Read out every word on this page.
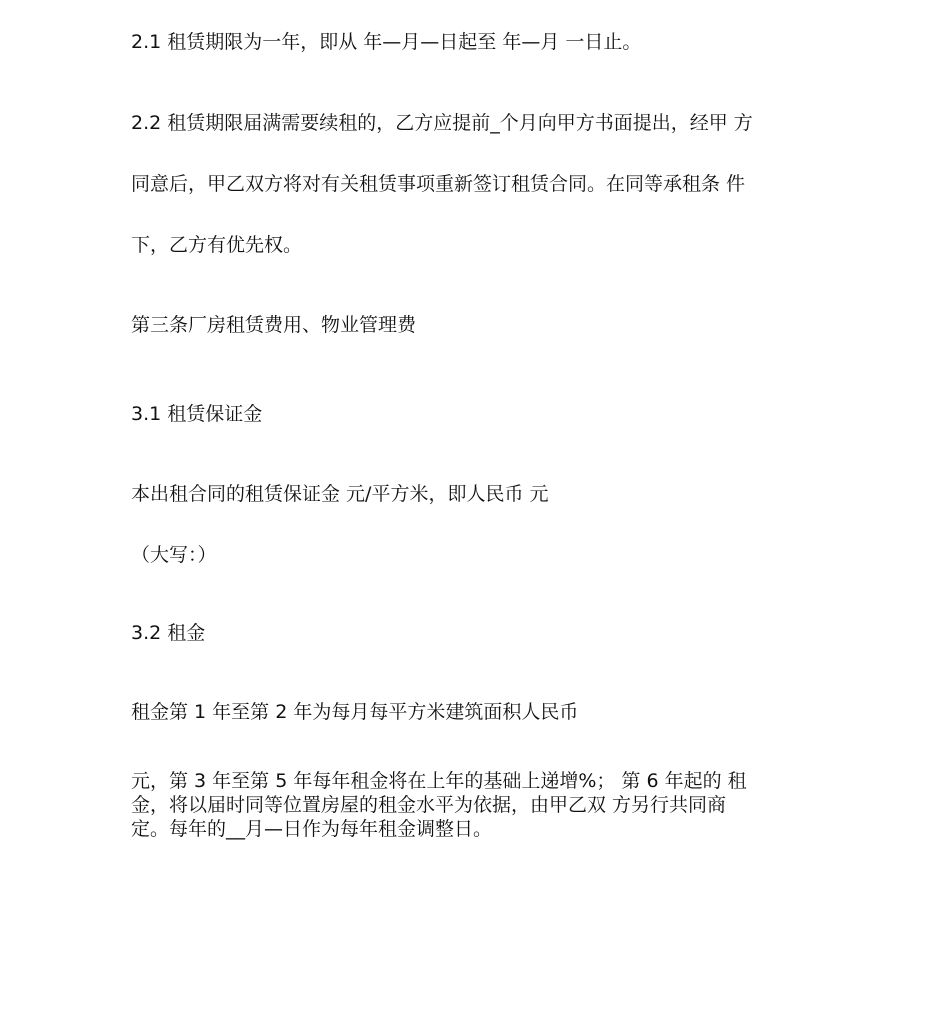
2.1 租赁期限为一年，即从 年—月—日起至 年—月 一日止。

2.2 租赁期限届满需要续租的，乙方应提前_个月向甲方书面提出，经甲 方

同意后，甲乙双方将对有关租赁事项重新签订租赁合同。在同等承租条 件

下，乙方有优先权。

第三条厂房租赁费用、物业管理费

3.1 租赁保证金

本出租合同的租赁保证金 元/平方米，即人民币 元

（大写：）

3.2 租金

租金第 1 年至第 2 年为每月每平方米建筑面积人民币

元，第 3 年至第 5 年每年租金将在上年的基础上递增%； 第 6 年起的 租
金，将以届时同等位置房屋的租金水平为依据，由甲乙双 方另行共同商
定。每年的__月—日作为每年租金调整日。
